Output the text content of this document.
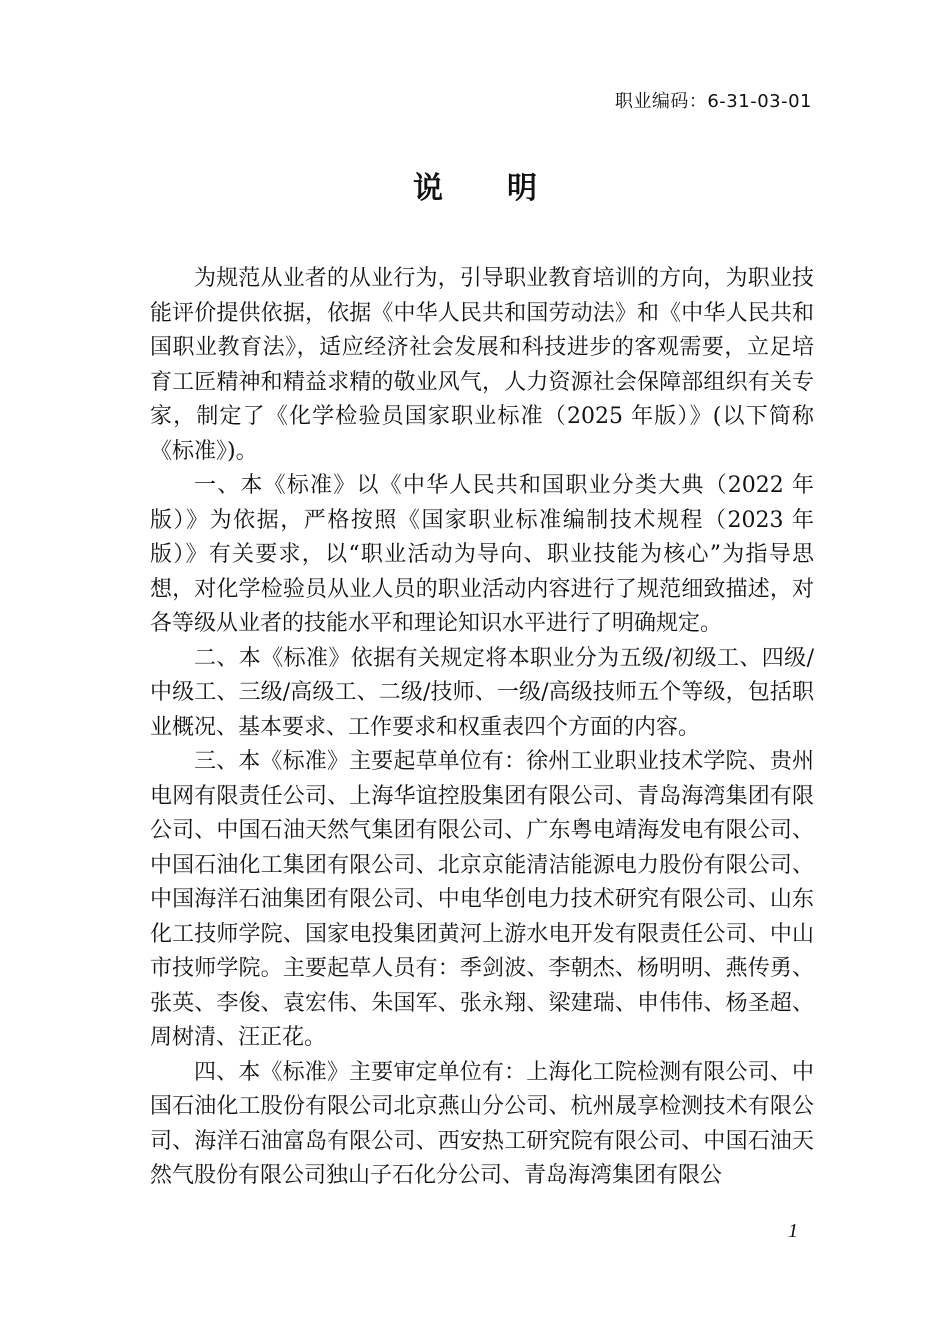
职业编码：6-31-03-01
说明

为规范从业者的从业行为，引导职业教育培训的方向，为职业技能评价提供依据，依据《中华人民共和国劳动法》和《中华人民共和国职业教育法》，适应经济社会发展和科技进步的客观需要，立足培育工匠精神和精益求精的敬业风气，人力资源社会保障部组织有关专家，制定了《化学检验员国家职业标准（2025 年版）》(以下简称《标准》)。

一、本《标准》以《中华人民共和国职业分类大典（2022 年版）》为依据，严格按照《国家职业标准编制技术规程（2023 年版）》有关要求，以“职业活动为导向、职业技能为核心”为指导思想，对化学检验员从业人员的职业活动内容进行了规范细致描述，对各等级从业者的技能水平和理论知识水平进行了明确规定。

二、本《标准》依据有关规定将本职业分为五级/初级工、四级/中级工、三级/高级工、二级/技师、一级/高级技师五个等级，包括职业概况、基本要求、工作要求和权重表四个方面的内容。

三、本《标准》主要起草单位有：徐州工业职业技术学院、贵州电网有限责任公司、上海华谊控股集团有限公司、青岛海湾集团有限公司、中国石油天然气集团有限公司、广东粤电靖海发电有限公司、中国石油化工集团有限公司、北京京能清洁能源电力股份有限公司、中国海洋石油集团有限公司、中电华创电力技术研究有限公司、山东化工技师学院、国家电投集团黄河上游水电开发有限责任公司、中山市技师学院。主要起草人员有：季剑波、李朝杰、杨明明、燕传勇、张英、李俊、袁宏伟、朱国军、张永翔、梁建瑞、申伟伟、杨圣超、周树清、汪正花。

四、本《标准》主要审定单位有：上海化工院检测有限公司、中国石油化工股份有限公司北京燕山分公司、杭州晟享检测技术有限公司、海洋石油富岛有限公司、西安热工研究院有限公司、中国石油天然气股份有限公司独山子石化分公司、青岛海湾集团有限公

1
